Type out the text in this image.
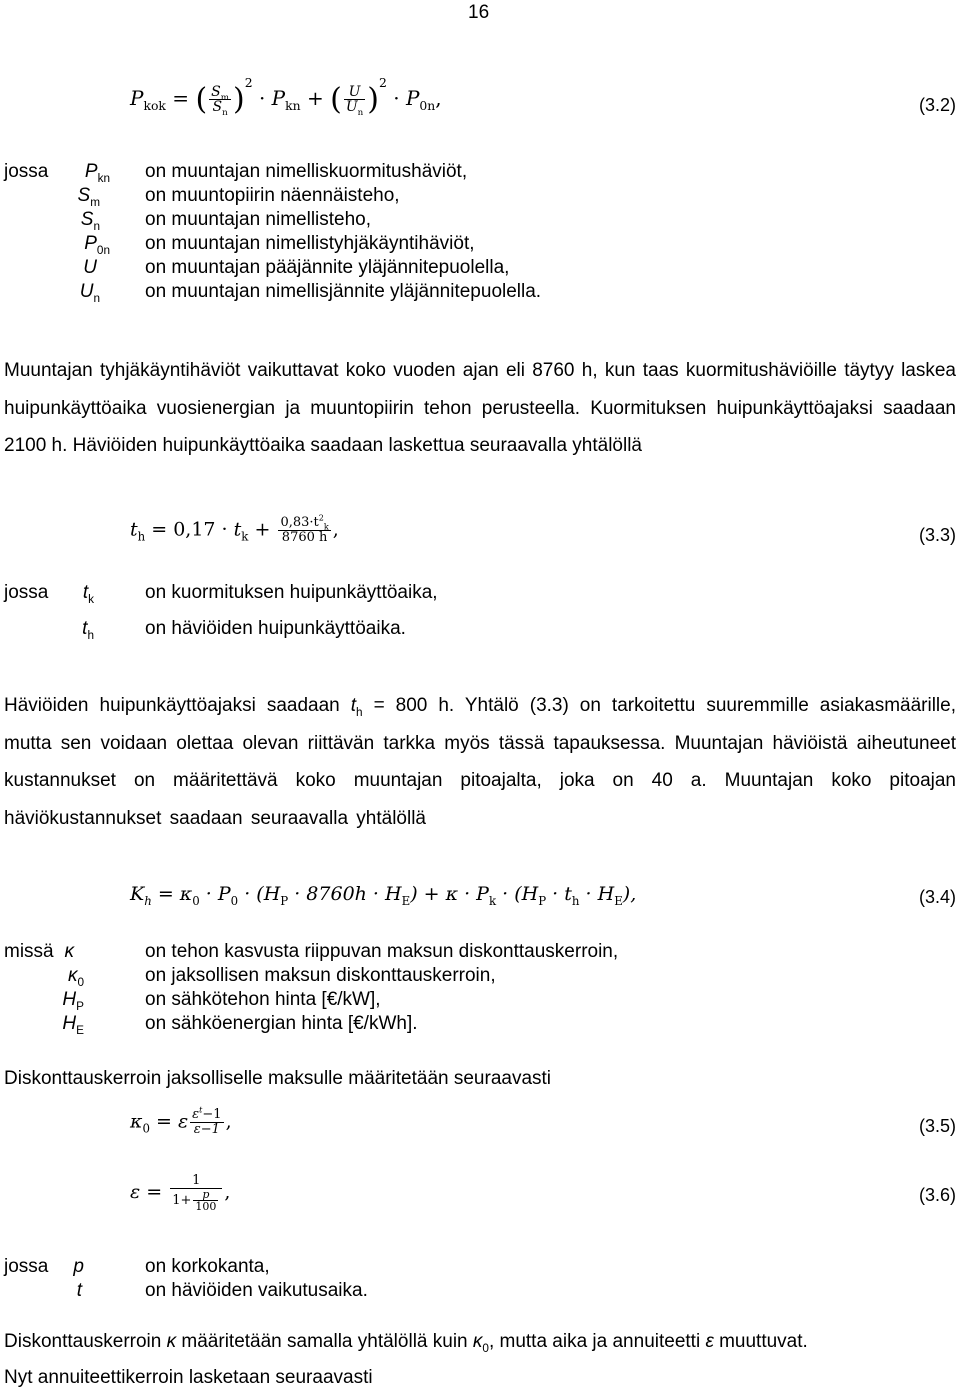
16
$P_{kok}$ = ( $\frac{S_m}{S_n} )^2 \cdot P_{kn}$ + ( $\frac{U}{U_n} )^2 \cdot P_{0n}$,	(3.2)
jossa	$P_{kn}$ on muuntajan nimelliskuormitushäviöt,
$S_m$ on muuntopiirin näennäisteho,
$S_n$ on muuntajan nimellisteho,
$P_{0n}$ on muuntajan nimellistyhjäkäyntihäviöt,
U	on muuntajan pääjännite yläjännitepuolella,
$U_n$ on muuntajan nimellisjännite yläjännitepuolella.
Muuntajan tyhjäkäyntihäviöt vaikuttavat koko vuoden ajan eli 8760 h, kun taas kuormitushäviöille täytyy laskea huipunkäyttöaika vuosienergian ja muuntopiirin tehon perusteella. Kuormituksen huipunkäyttöajaksi saadaan 2100 h. Häviöiden huipunkäyttöaika saadaan laskettua seuraavalla yhtälöllä
$t_h = 0,17 \cdot t_k + \frac{0,83\cdot t^2_k}{8760 h}$ ,	(3.3)
jossa	$t_k$	on kuormituksen huipunkäyttöaika,
$t_h$	on häviöiden huipunkäyttöaika.
Häviöiden huipunkäyttöajaksi saadaan $t_h = 800$ h. Yhtälö (3.3) on tarkoitettu suuremmille asiakasmäärille, mutta sen voidaan olettaa olevan riittävän tarkka myös tässä tapauksessa. Muuntajan häviöistä aiheutuneet kustannukset on määritettävä koko muuntajan pitoajalta, joka on 40 a. Muuntajan koko pitoajan häviökustannukset saadaan seuraavalla yhtälöllä
$K_h = \kappa_0 \cdot P_0 \cdot (H_P \cdot 8760h \cdot H_E) + \kappa \cdot P_k \cdot (H_P \cdot t_h \cdot H_E)$,	(3.4)
missä κ	on tehon kasvusta riippuvan maksun diskonttauskerroin,
$\kappa_0$	on jaksollisen maksun diskonttauskerroin,
$H_P$	on sähkötehon hinta [€/kW],
$H_E$	on sähköenergian hinta [€/kWh].
Diskonttauskerroin jaksolliselle maksulle määritetään seuraavasti
$\kappa_0 = \varepsilon \frac{\varepsilon^t-1}{\varepsilon-1}$ ,	(3.5)
$\varepsilon = \frac{1}{1+ \frac{p}{100}}$ ,	(3.6)
jossa	p	on korkokanta,
t	on häviöiden vaikutusaika.
Diskonttauskerroin κ määritetään samalla yhtälöllä kuin $\kappa_0$, mutta aika ja annuiteetti ε muuttuvat.
Nyt annuiteettikerroin lasketaan seuraavasti
